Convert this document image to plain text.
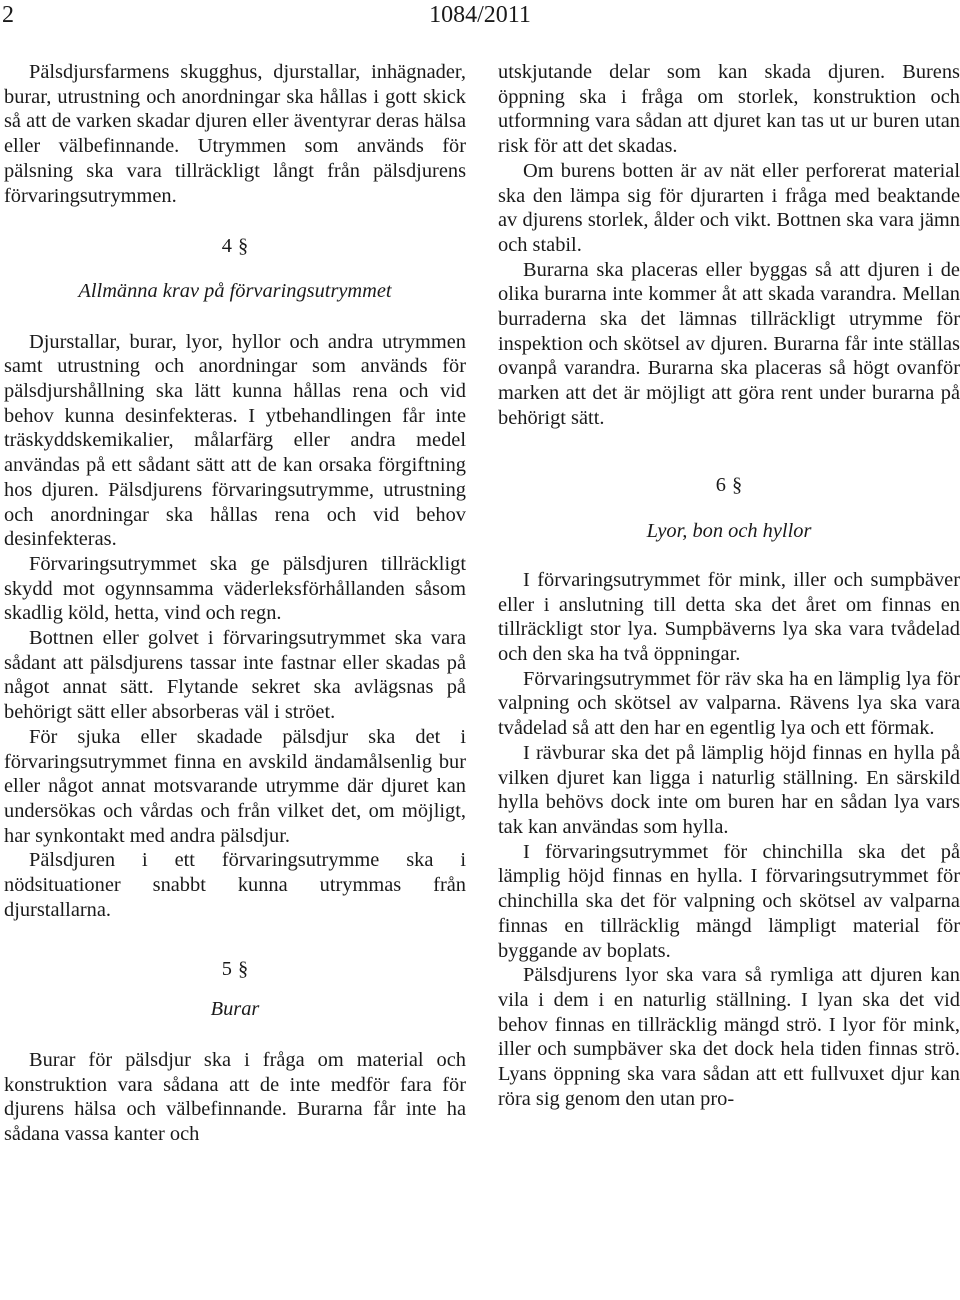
2	1084/2011

Pälsdjursfarmens skugghus, djurstallar, inhägnader, burar, utrustning och anordningar ska hållas i gott skick så att de varken skadar djuren eller äventyrar deras hälsa eller välbefinnande. Utrymmen som används för pälsning ska vara tillräckligt långt från pälsdjurens förvaringsutrymmen.

4 §

Allmänna krav på förvaringsutrymmet

Djurstallar, burar, lyor, hyllor och andra utrymmen samt utrustning och anordningar som används för pälsdjurshållning ska lätt kunna hållas rena och vid behov kunna desinfekteras. I ytbehandlingen får inte träskyddskemikalier, målarfärg eller andra medel användas på ett sådant sätt att de kan orsaka förgiftning hos djuren. Pälsdjurens förvaringsutrymme, utrustning och anordningar ska hållas rena och vid behov desinfekteras.

Förvaringsutrymmet ska ge pälsdjuren tillräckligt skydd mot ogynnsamma väderleksförhållanden såsom skadlig köld, hetta, vind och regn.

Bottnen eller golvet i förvaringsutrymmet ska vara sådant att pälsdjurens tassar inte fastnar eller skadas på något annat sätt. Flytande sekret ska avlägsnas på behörigt sätt eller absorberas väl i ströet.

För sjuka eller skadade pälsdjur ska det i förvaringsutrymmet finna en avskild ändamålsenlig bur eller något annat motsvarande utrymme där djuret kan undersökas och vårdas och från vilket det, om möjligt, har synkontakt med andra pälsdjur.

Pälsdjuren i ett förvaringsutrymme ska i nödsituationer snabbt kunna utrymmas från djurstallarna.

5 §

Burar

Burar för pälsdjur ska i fråga om material och konstruktion vara sådana att de inte medför fara för djurens hälsa och välbefinnande. Burarna får inte ha sådana vassa kanter och

utskjutande delar som kan skada djuren. Burens öppning ska i fråga om storlek, konstruktion och utformning vara sådan att djuret kan tas ut ur buren utan risk för att det skadas.

Om burens botten är av nät eller perforerat material ska den lämpa sig för djurarten i fråga med beaktande av djurens storlek, ålder och vikt. Bottnen ska vara jämn och stabil.

Burarna ska placeras eller byggas så att djuren i de olika burarna inte kommer åt att skada varandra. Mellan burraderna ska det lämnas tillräckligt utrymme för inspektion och skötsel av djuren. Burarna får inte ställas ovanpå varandra. Burarna ska placeras så högt ovanför marken att det är möjligt att göra rent under burarna på behörigt sätt.

6 §

Lyor, bon och hyllor

I förvaringsutrymmet för mink, iller och sumpbäver eller i anslutning till detta ska det året om finnas en tillräckligt stor lya. Sumpbäverns lya ska vara tvådelad och den ska ha två öppningar.

Förvaringsutrymmet för räv ska ha en lämplig lya för valpning och skötsel av valparna. Rävens lya ska vara tvådelad så att den har en egentlig lya och ett förmak.

I rävburar ska det på lämplig höjd finnas en hylla på vilken djuret kan ligga i naturlig ställning. En särskild hylla behövs dock inte om buren har en sådan lya vars tak kan användas som hylla.

I förvaringsutrymmet för chinchilla ska det på lämplig höjd finnas en hylla. I förvaringsutrymmet för chinchilla ska det för valpning och skötsel av valparna finnas en tillräcklig mängd lämpligt material för byggande av boplats.

Pälsdjurens lyor ska vara så rymliga att djuren kan vila i dem i en naturlig ställning. I lyan ska det vid behov finnas en tillräcklig mängd strö. I lyor för mink, iller och sumpbäver ska det dock hela tiden finnas strö. Lyans öppning ska vara sådan att ett fullvuxet djur kan röra sig genom den utan pro-
